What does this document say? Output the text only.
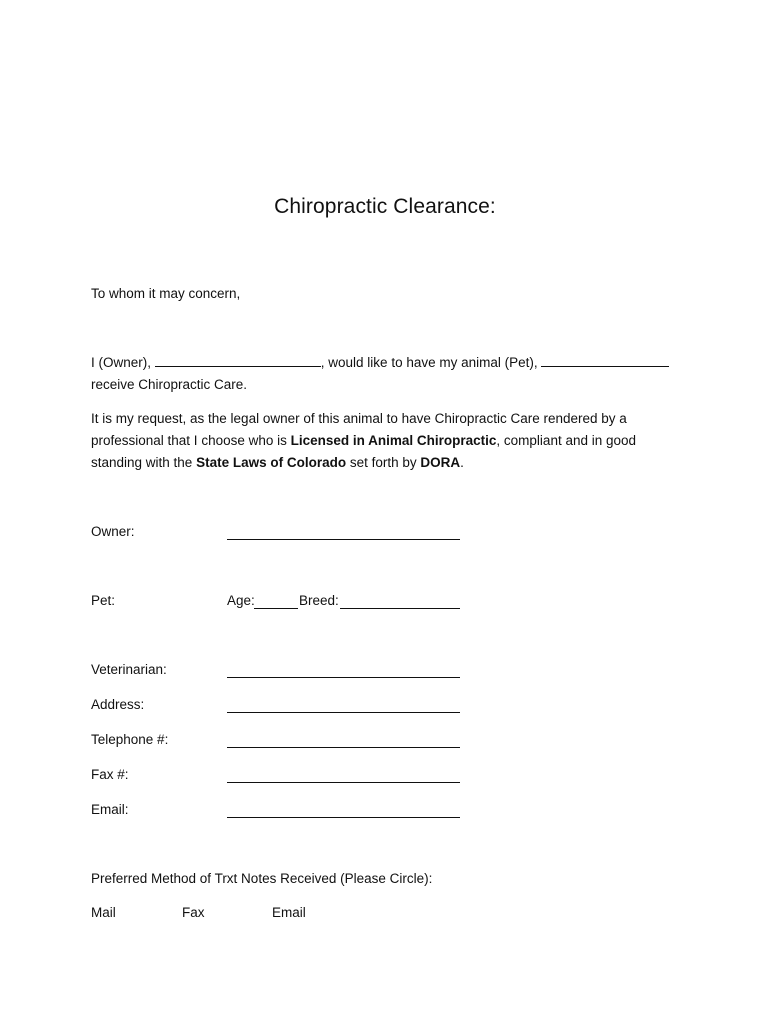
Chiropractic Clearance:
To whom it may concern,
I (Owner),	, would like to have my animal (Pet),
receive Chiropractic Care.
It is my request, as the legal owner of this animal to have Chiropractic Care rendered by a professional that I choose who is Licensed in Animal Chiropractic, compliant and in good standing with the State Laws of Colorado set forth by DORA.
Owner:
Pet:	Age:	Breed:
Veterinarian:
Address:
Telephone #:
Fax #:
Email:
Preferred Method of Trxt Notes Received (Please Circle):
Mail	Fax	Email
